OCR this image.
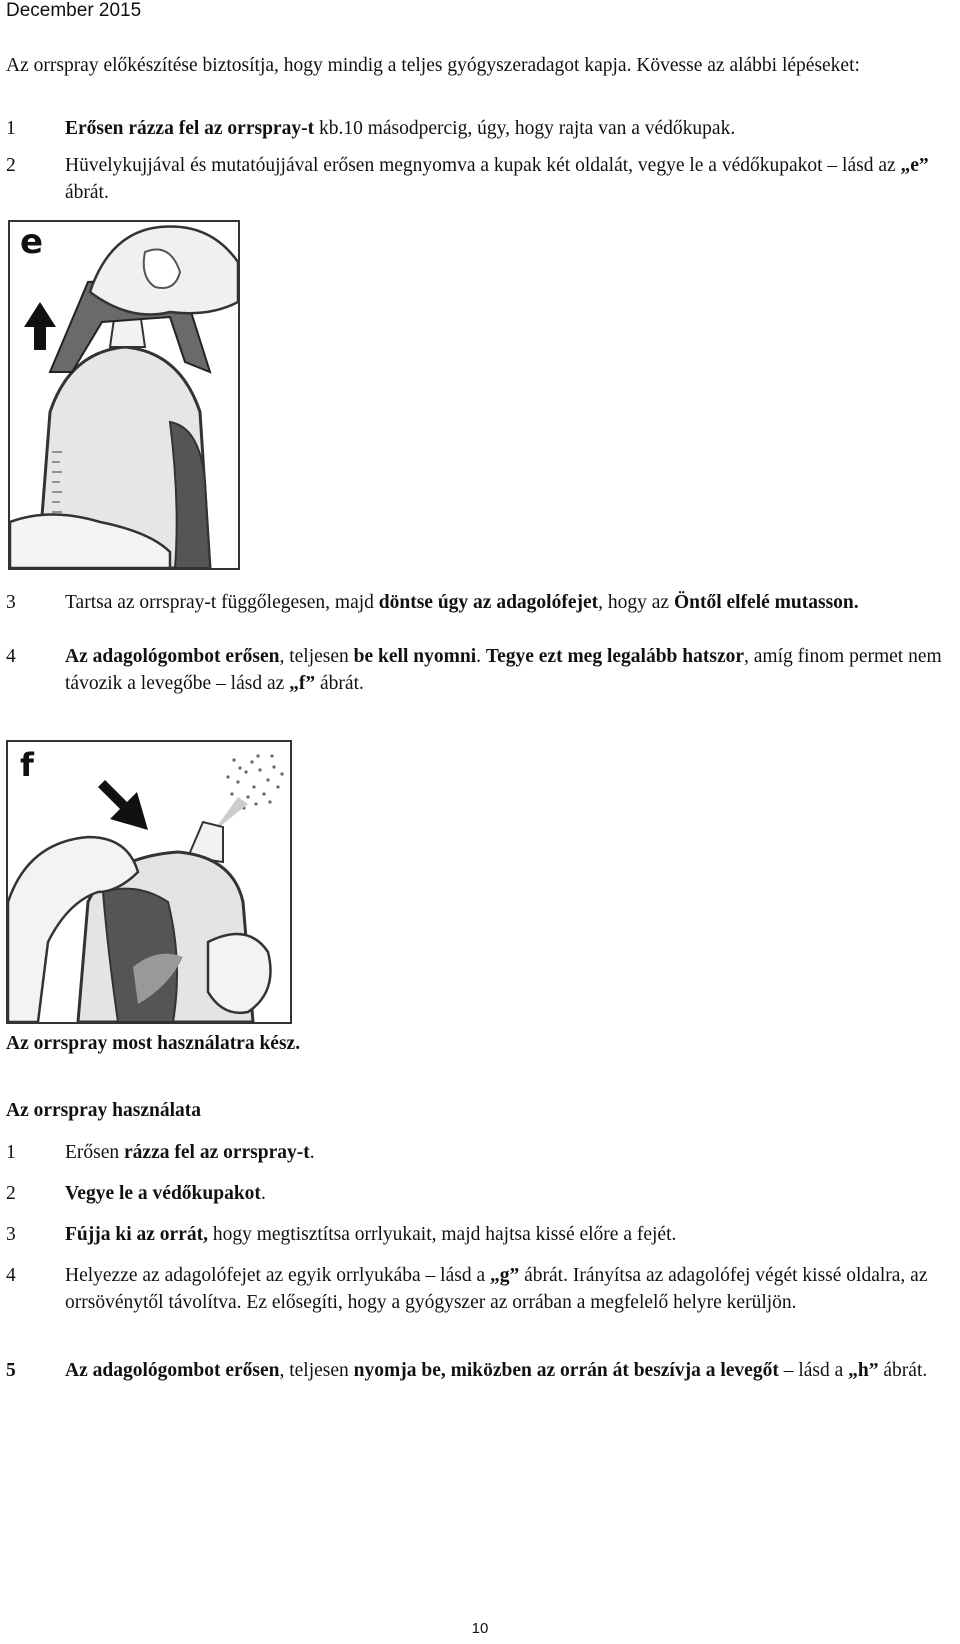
December 2015
Az orrspray előkészítése biztosítja, hogy mindig a teljes gyógyszeradagot kapja. Kövesse az alábbi lépéseket:
1	Erősen rázza fel az orrspray-t kb.10 másodpercig, úgy, hogy rajta van a védőkupak.
2	Hüvelykujjával és mutatóujjával erősen megnyomva a kupak két oldalát, vegye le a védőkupakot – lásd az „e” ábrát.
e
3	Tartsa az orrspray-t függőlegesen, majd döntse úgy az adagolófejet, hogy az Öntől elfelé mutasson.
4	Az adagológombot erősen, teljesen be kell nyomni. Tegye ezt meg legalább hatszor, amíg finom permet nem távozik a levegőbe – lásd az „f” ábrát.
f
Az orrspray most használatra kész.
Az orrspray használata
1	Erősen rázza fel az orrspray-t.
2	Vegye le a védőkupakot.
3	Fújja ki az orrát, hogy megtisztítsa orrlyukait, majd hajtsa kissé előre a fejét.
4	Helyezze az adagolófejet az egyik orrlyukába – lásd a „g” ábrát. Irányítsa az adagolófej végét kissé oldalra, az orrsövénytől távolítva. Ez elősegíti, hogy a gyógyszer az orrában a megfelelő helyre kerüljön.
5	Az adagológombot erősen, teljesen nyomja be, miközben az orrán át beszívja a levegőt – lásd a „h” ábrát.
10
